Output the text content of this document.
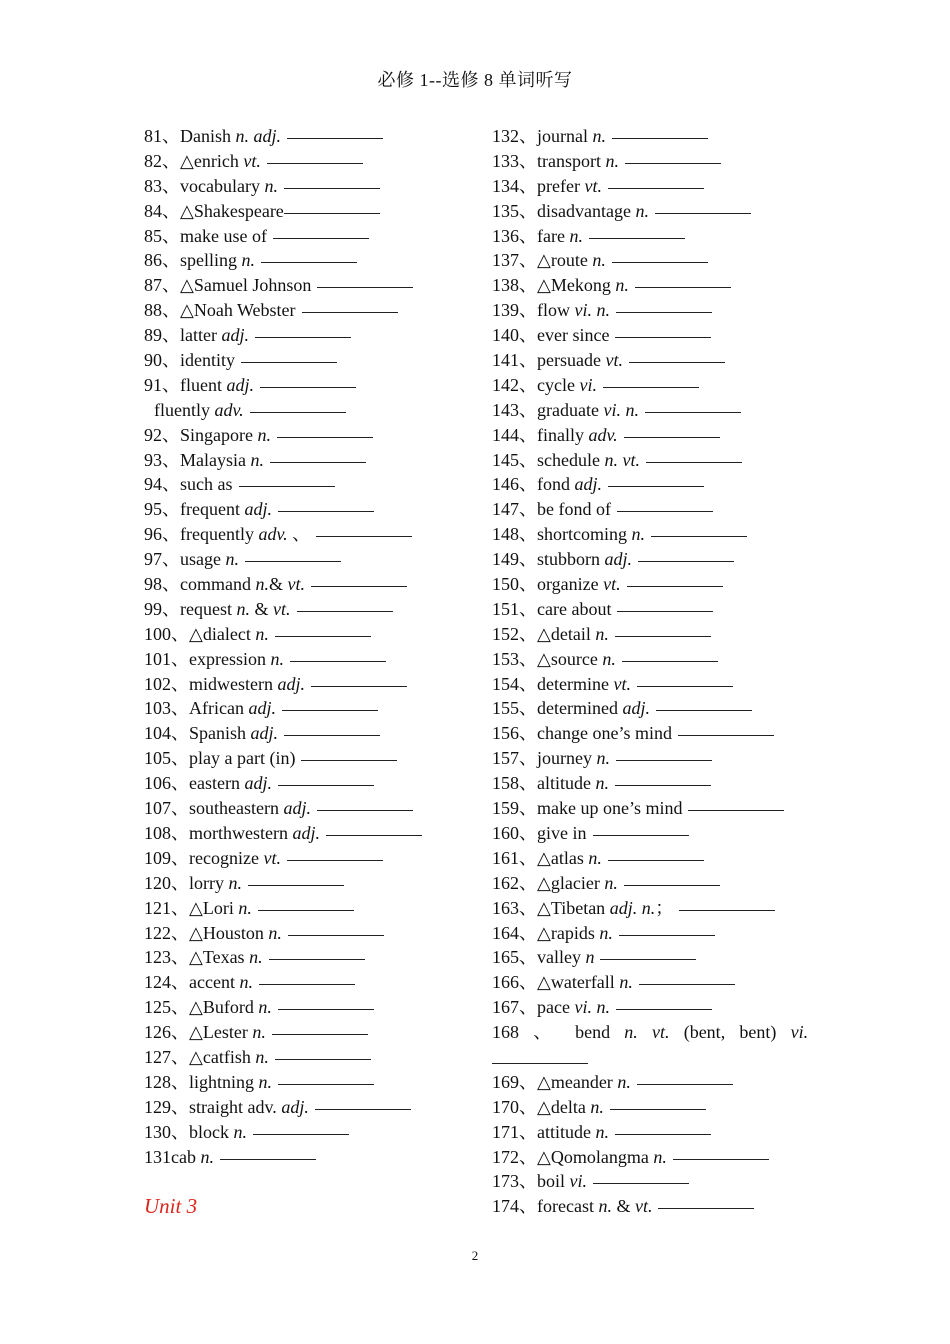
必修 1--选修 8 单词听写
81、Danish n. adj.
82、△enrich vt.
83、vocabulary n.
84、△Shakespeare
85、make use of
86、spelling n.
87、△Samuel Johnson
88、△Noah Webster
89、latter adj.
90、identity
91、fluent adj.
fluently adv.
92、Singapore n.
93、Malaysia n.
94、such as
95、frequent adj.
96、frequently adv. 、
97、usage n.
98、command n.& vt.
99、request n. & vt.
100、△dialect n.
101、expression n.
102、midwestern adj.
103、African adj.
104、Spanish adj.
105、play a part (in)
106、eastern adj.
107、southeastern adj.
108、morthwestern adj.
109、recognize vt.
120、lorry n.
121、△Lori n.
122、△Houston n.
123、△Texas n.
124、accent n.
125、△Buford n.
126、△Lester n.
127、△catfish n.
128、lightning n.
129、straight adv. adj.
130、block n.
131cab n.
Unit 3
132、journal n.
133、transport n.
134、prefer vt.
135、disadvantage n.
136、fare n.
137、△route n.
138、△Mekong n.
139、flow vi. n.
140、ever since
141、persuade vt.
142、cycle vi.
143、graduate vi. n.
144、finally adv.
145、schedule n. vt.
146、fond adj.
147、be fond of
148、shortcoming n.
149、stubborn adj.
150、organize vt.
151、care about
152、△detail n.
153、△source n.
154、determine vt.
155、determined adj.
156、change one’s mind
157、journey n.
158、altitude n.
159、make up one’s mind
160、give in
161、△atlas n.
162、△glacier n.
163、△Tibetan adj. n.；
164、△rapids n.
165、valley n
166、△waterfall n.
167、pace vi. n.
168 、 bend n. vt. (bent, bent) vi.
169、△meander n.
170、△delta n.
171、attitude n.
172、△Qomolangma n.
173、boil vi.
174、forecast n. & vt.
2
